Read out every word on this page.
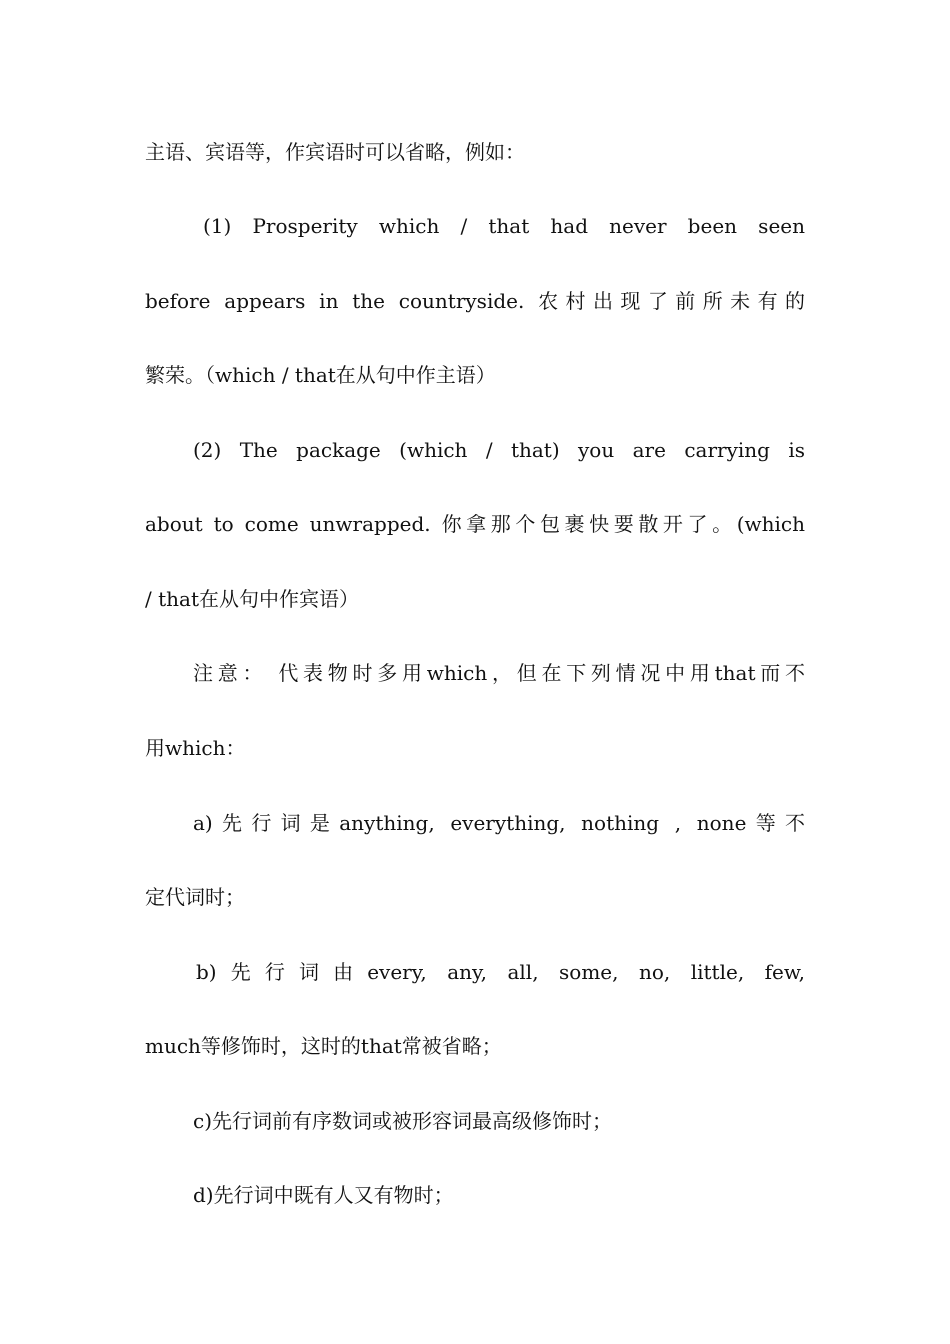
主语、宾语等，作宾语时可以省略，例如：
(1) Prosperity which / that had never been seen
before appears in the countryside. 农村出现了前所未有的
繁荣。（which / that在从句中作主语）
(2) The package (which / that) you are carrying is
about to come unwrapped. 你拿那个包裹快要散开了。(which
/ that在从句中作宾语）
注意： 代表物时多用which，但在下列情况中用that而不
用which：
a)先行词是anything, everything, nothing , none等不
定代词时；
b)先行词由every, any, all, some, no, little, few,
much等修饰时，这时的that常被省略；
c)先行词前有序数词或被形容词最高级修饰时；
d)先行词中既有人又有物时；
